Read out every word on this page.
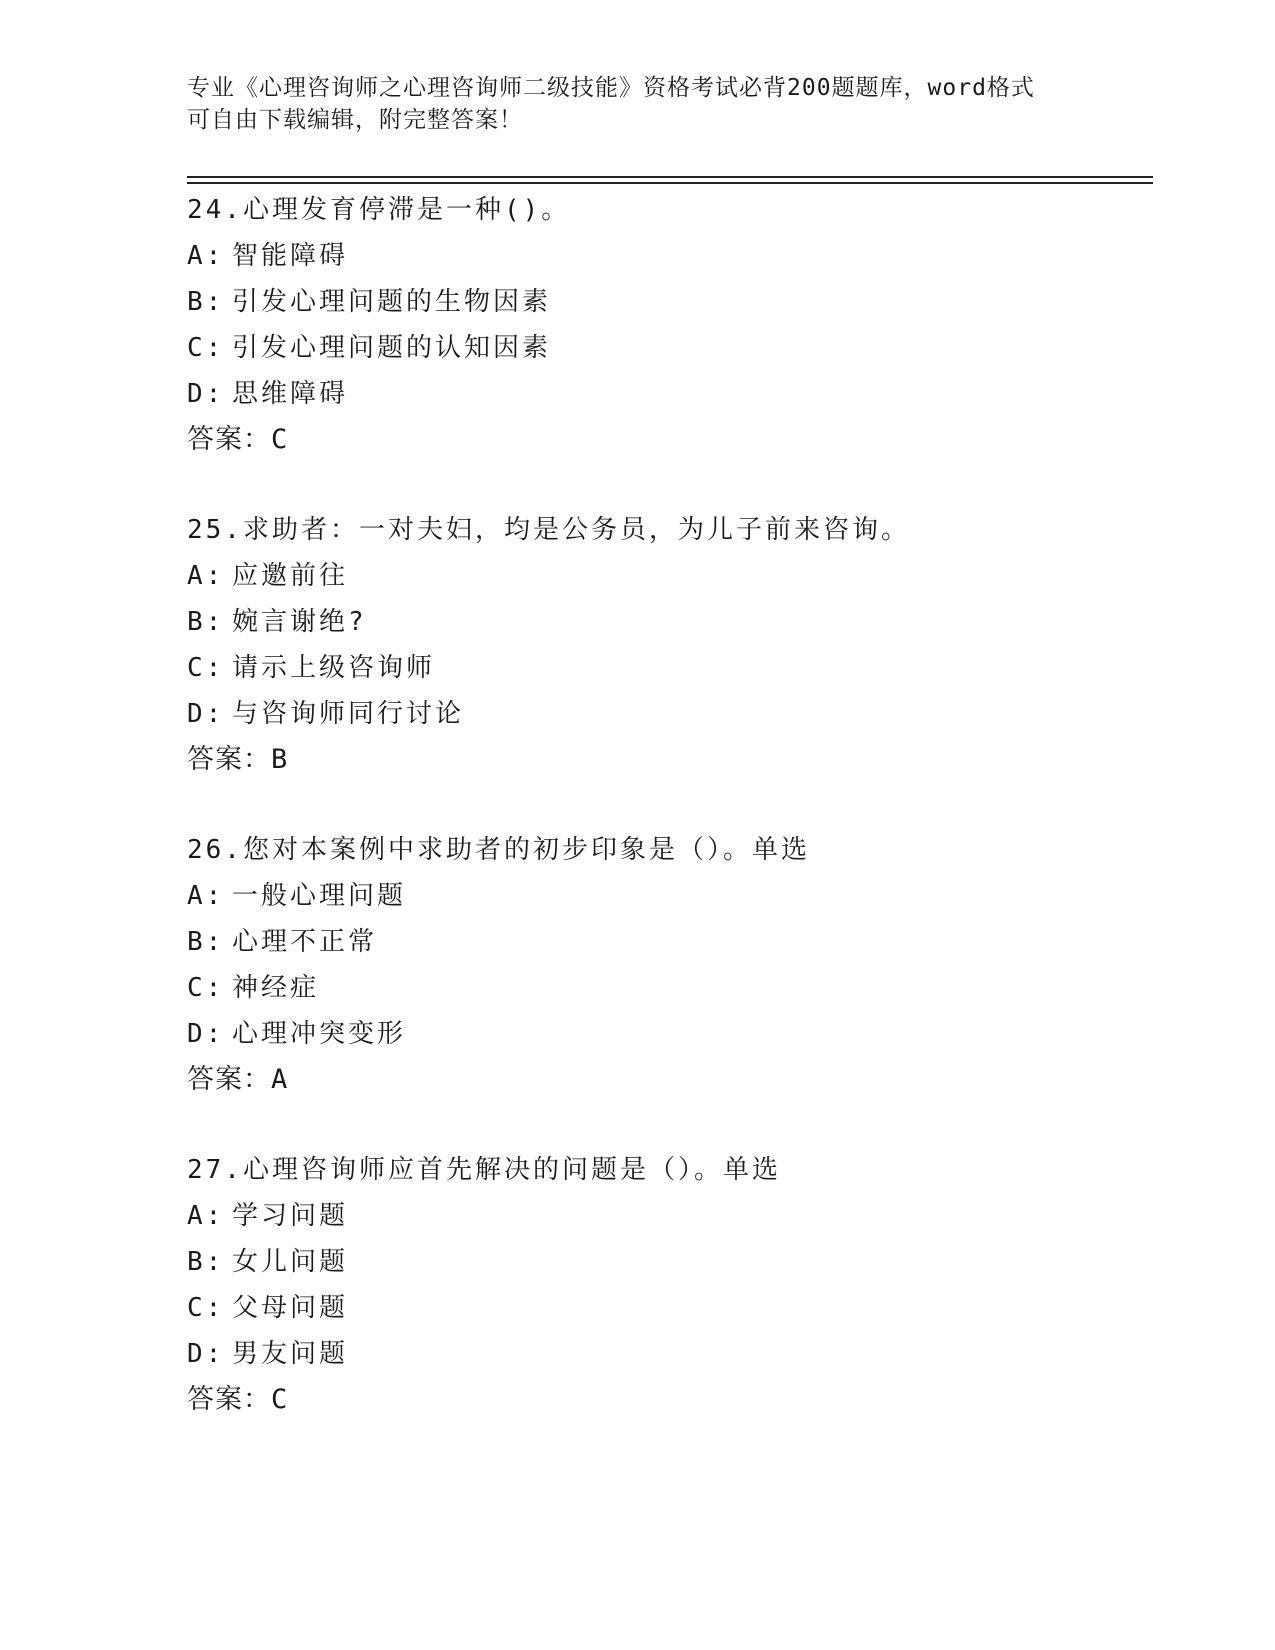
专业《心理咨询师之心理咨询师二级技能》资格考试必背200题题库，word格式
可自由下载编辑，附完整答案！
24.心理发育停滞是一种()。
A: 智能障碍
B: 引发心理问题的生物因素
C: 引发心理问题的认知因素
D: 思维障碍
答案：C
25.求助者：一对夫妇，均是公务员，为儿子前来咨询。
A: 应邀前往
B: 婉言谢绝?
C: 请示上级咨询师
D: 与咨询师同行讨论
答案：B
26.您对本案例中求助者的初步印象是（）。单选
A: 一般心理问题
B: 心理不正常
C: 神经症
D: 心理冲突变形
答案：A
27.心理咨询师应首先解决的问题是（）。单选
A: 学习问题
B: 女儿问题
C: 父母问题
D: 男友问题
答案：C
